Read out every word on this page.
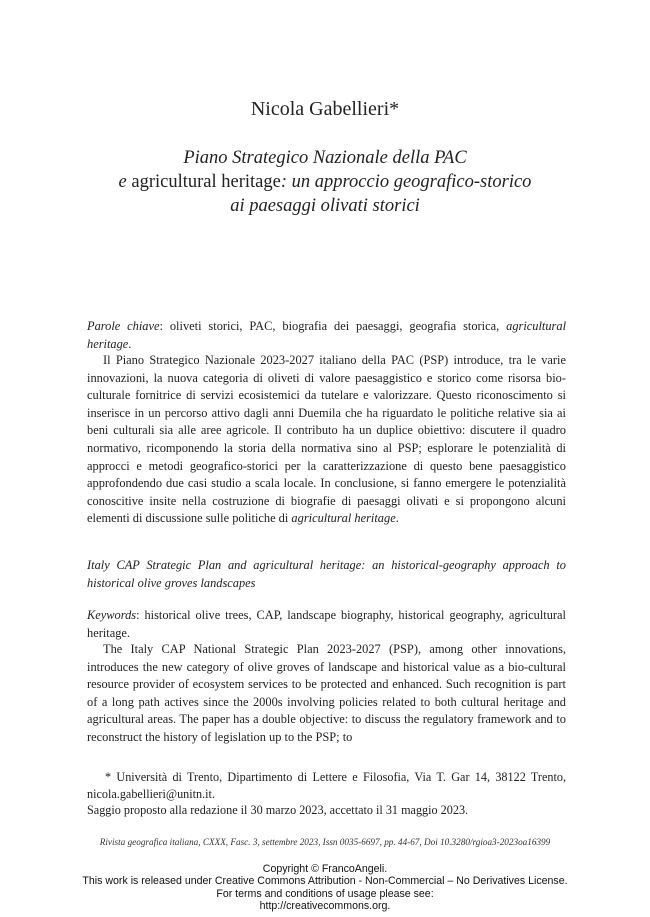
Nicola Gabellieri*
Piano Strategico Nazionale della PAC
e agricultural heritage: un approccio geografico-storico
ai paesaggi olivati storici

Parole chiave: oliveti storici, PAC, biografia dei paesaggi, geografia storica, agricultural heritage.

Il Piano Strategico Nazionale 2023-2027 italiano della PAC (PSP) introduce, tra le varie innovazioni, la nuova categoria di oliveti di valore paesaggistico e storico come risorsa bio-culturale fornitrice di servizi ecosistemici da tutelare e valorizzare. Questo riconoscimento si inserisce in un percorso attivo dagli anni Duemila che ha riguardato le politiche relative sia ai beni culturali sia alle aree agricole. Il contributo ha un duplice obiettivo: discutere il quadro normativo, ricomponendo la storia della normativa sino al PSP; esplorare le potenzialità di approcci e metodi geografico-storici per la caratterizzazione di questo bene paesaggistico approfondendo due casi studio a scala locale. In conclusione, si fanno emergere le potenzialità conoscitive insite nella costruzione di biografie di paesaggi olivati e si propongono alcuni elementi di discussione sulle politiche di agricultural heritage.

Italy CAP Strategic Plan and agricultural heritage: an historical-geography approach to historical olive groves landscapes

Keywords: historical olive trees, CAP, landscape biography, historical geography, agricultural heritage.

The Italy CAP National Strategic Plan 2023-2027 (PSP), among other innovations, introduces the new category of olive groves of landscape and historical value as a bio-cultural resource provider of ecosystem services to be protected and enhanced. Such recognition is part of a long path actives since the 2000s involving policies related to both cultural heritage and agricultural areas. The paper has a double objective: to discuss the regulatory framework and to reconstruct the history of legislation up to the PSP; to

* Università di Trento, Dipartimento di Lettere e Filosofia, Via T. Gar 14, 38122 Trento, nicola.gabellieri@unitn.it.
Saggio proposto alla redazione il 30 marzo 2023, accettato il 31 maggio 2023.
Rivista geografica italiana, CXXX, Fasc. 3, settembre 2023, Issn 0035-6697, pp. 44-67, Doi 10.3280/rgioa3-2023oa16399
Copyright © FrancoAngeli.
This work is released under Creative Commons Attribution - Non-Commercial – No Derivatives License.
For terms and conditions of usage please see:
http://creativecommons.org.
